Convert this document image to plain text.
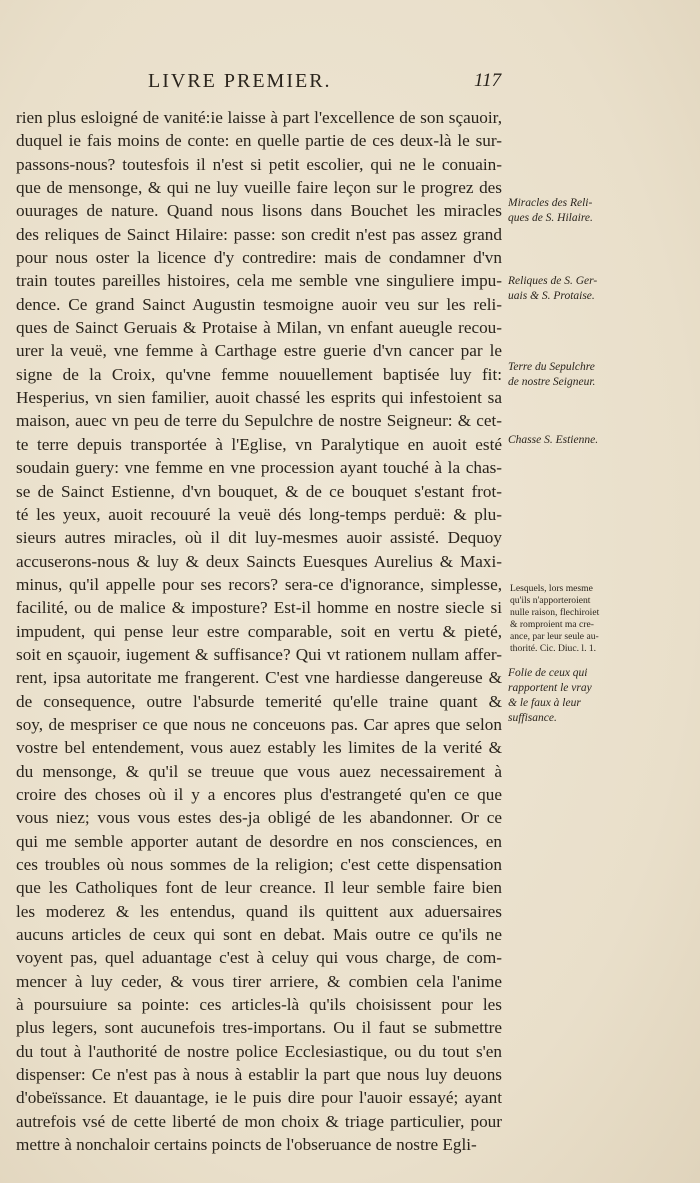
LIVRE PREMIER.	117
rien plus esloigné de vanité:ie laisse à part l'excellence de son sçauoir,
duquel ie fais moins de conte: en quelle partie de ces deux-là le sur-
passons-nous? toutesfois il n'est si petit escolier, qui ne le conuain-
que de mensonge, & qui ne luy vueille faire leçon sur le progrez des
ouurages de nature. Quand nous lisons dans Bouchet les miracles
des reliques de Sainct Hilaire: passe: son credit n'est pas assez grand
pour nous oster la licence d'y contredire: mais de condamner d'vn
train toutes pareilles histoires, cela me semble vne singuliere impu-
dence. Ce grand Sainct Augustin tesmoigne auoir veu sur les reli-
ques de Sainct Geruais & Protaise à Milan, vn enfant aueugle recou-
urer la veuë, vne femme à Carthage estre guerie d'vn cancer par le
signe de la Croix, qu'vne femme nouuellement baptisée luy fit:
Hesperius, vn sien familier, auoit chassé les esprits qui infestoient sa
maison, auec vn peu de terre du Sepulchre de nostre Seigneur: & cet-
te terre depuis transportée à l'Eglise, vn Paralytique en auoit esté
soudain guery: vne femme en vne procession ayant touché à la chas-
se de Sainct Estienne, d'vn bouquet, & de ce bouquet s'estant frot-
té les yeux, auoit recouuré la veuë dés long-temps perduë: & plu-
sieurs autres miracles, où il dit luy-mesmes auoir assisté. Dequoy
accuserons-nous & luy & deux Saincts Euesques Aurelius & Maxi-
minus, qu'il appelle pour ses recors? sera-ce d'ignorance, simplesse,
facilité, ou de malice & imposture? Est-il homme en nostre siecle si
impudent, qui pense leur estre comparable, soit en vertu & pieté,
soit en sçauoir, iugement & suffisance? Qui vt rationem nullam affer-
rent, ipsa autoritate me frangerent. C'est vne hardiesse dangereuse &
de consequence, outre l'absurde temerité qu'elle traine quant &
soy, de mespriser ce que nous ne conceuons pas. Car apres que selon
vostre bel entendement, vous auez estably les limites de la verité &
du mensonge, & qu'il se treuue que vous auez necessairement à
croire des choses où il y a encores plus d'estrangeté qu'en ce que
vous niez; vous vous estes des-ja obligé de les abandonner. Or ce
qui me semble apporter autant de desordre en nos consciences, en
ces troubles où nous sommes de la religion; c'est cette dispensation
que les Catholiques font de leur creance. Il leur semble faire bien
les moderez & les entendus, quand ils quittent aux aduersaires
aucuns articles de ceux qui sont en debat. Mais outre ce qu'ils ne
voyent pas, quel aduantage c'est à celuy qui vous charge, de com-
mencer à luy ceder, & vous tirer arriere, & combien cela l'anime
à poursuiure sa pointe: ces articles-là qu'ils choisissent pour les
plus legers, sont aucunefois tres-importans. Ou il faut se submettre
du tout à l'authorité de nostre police Ecclesiastique, ou du tout s'en
dispenser: Ce n'est pas à nous à establir la part que nous luy deuons
d'obeïssance. Et dauantage, ie le puis dire pour l'auoir essayé; ayant
autrefois vsé de cette liberté de mon choix & triage particulier, pour
mettre à nonchaloir certains poincts de l'obseruance de nostre Egli-
Miracles des Reli-
ques de S. Hilaire.
Reliques de S. Ger-
uais & S. Protaise.
Terre du Sepulchre
de nostre Seigneur.
Chasse S. Estienne.
Lesquels, lors mesme
qu'ils n'apporteroient
nulle raison, flechiroiet
& romproient ma cre-
ance, par leur seule au-
thorité. Cic. Diuc. l. 1.
Folie de ceux qui
rapportent le vray
& le faux à leur
suffisance.
